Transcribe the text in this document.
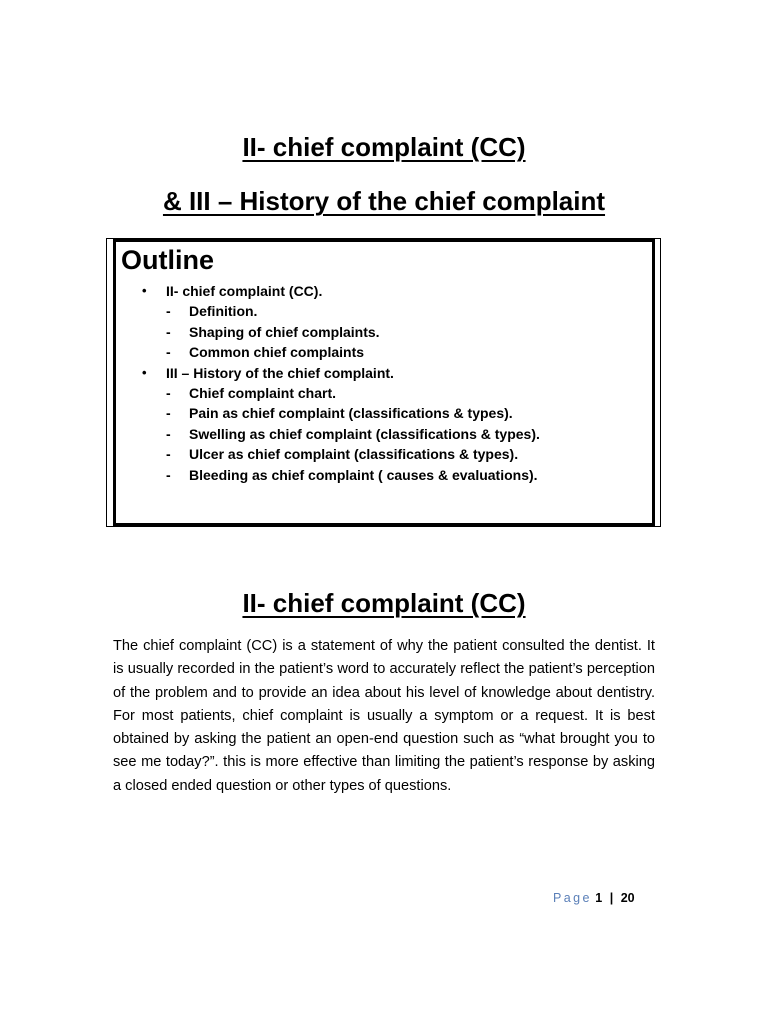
II- chief complaint (CC)
& III – History of the chief complaint
Outline
• II- chief complaint (CC).
- Definition.
- Shaping of chief complaints.
- Common chief complaints
• III – History of the chief complaint.
- Chief complaint chart.
- Pain as chief complaint (classifications & types).
- Swelling as chief complaint (classifications & types).
- Ulcer as chief complaint (classifications & types).
- Bleeding as chief complaint ( causes & evaluations).
II- chief complaint (CC)

The chief complaint (CC) is a statement of why the patient consulted the dentist. It is usually recorded in the patient’s word to accurately reflect the patient’s perception of the problem and to provide an idea about his level of knowledge about dentistry. For most patients, chief complaint is usually a symptom or a request. It is best obtained by asking the patient an open-end question such as “what brought you to see me today?”. this is more effective than limiting the patient’s response by asking a closed ended question or other types of questions.

Page 1 | 20
